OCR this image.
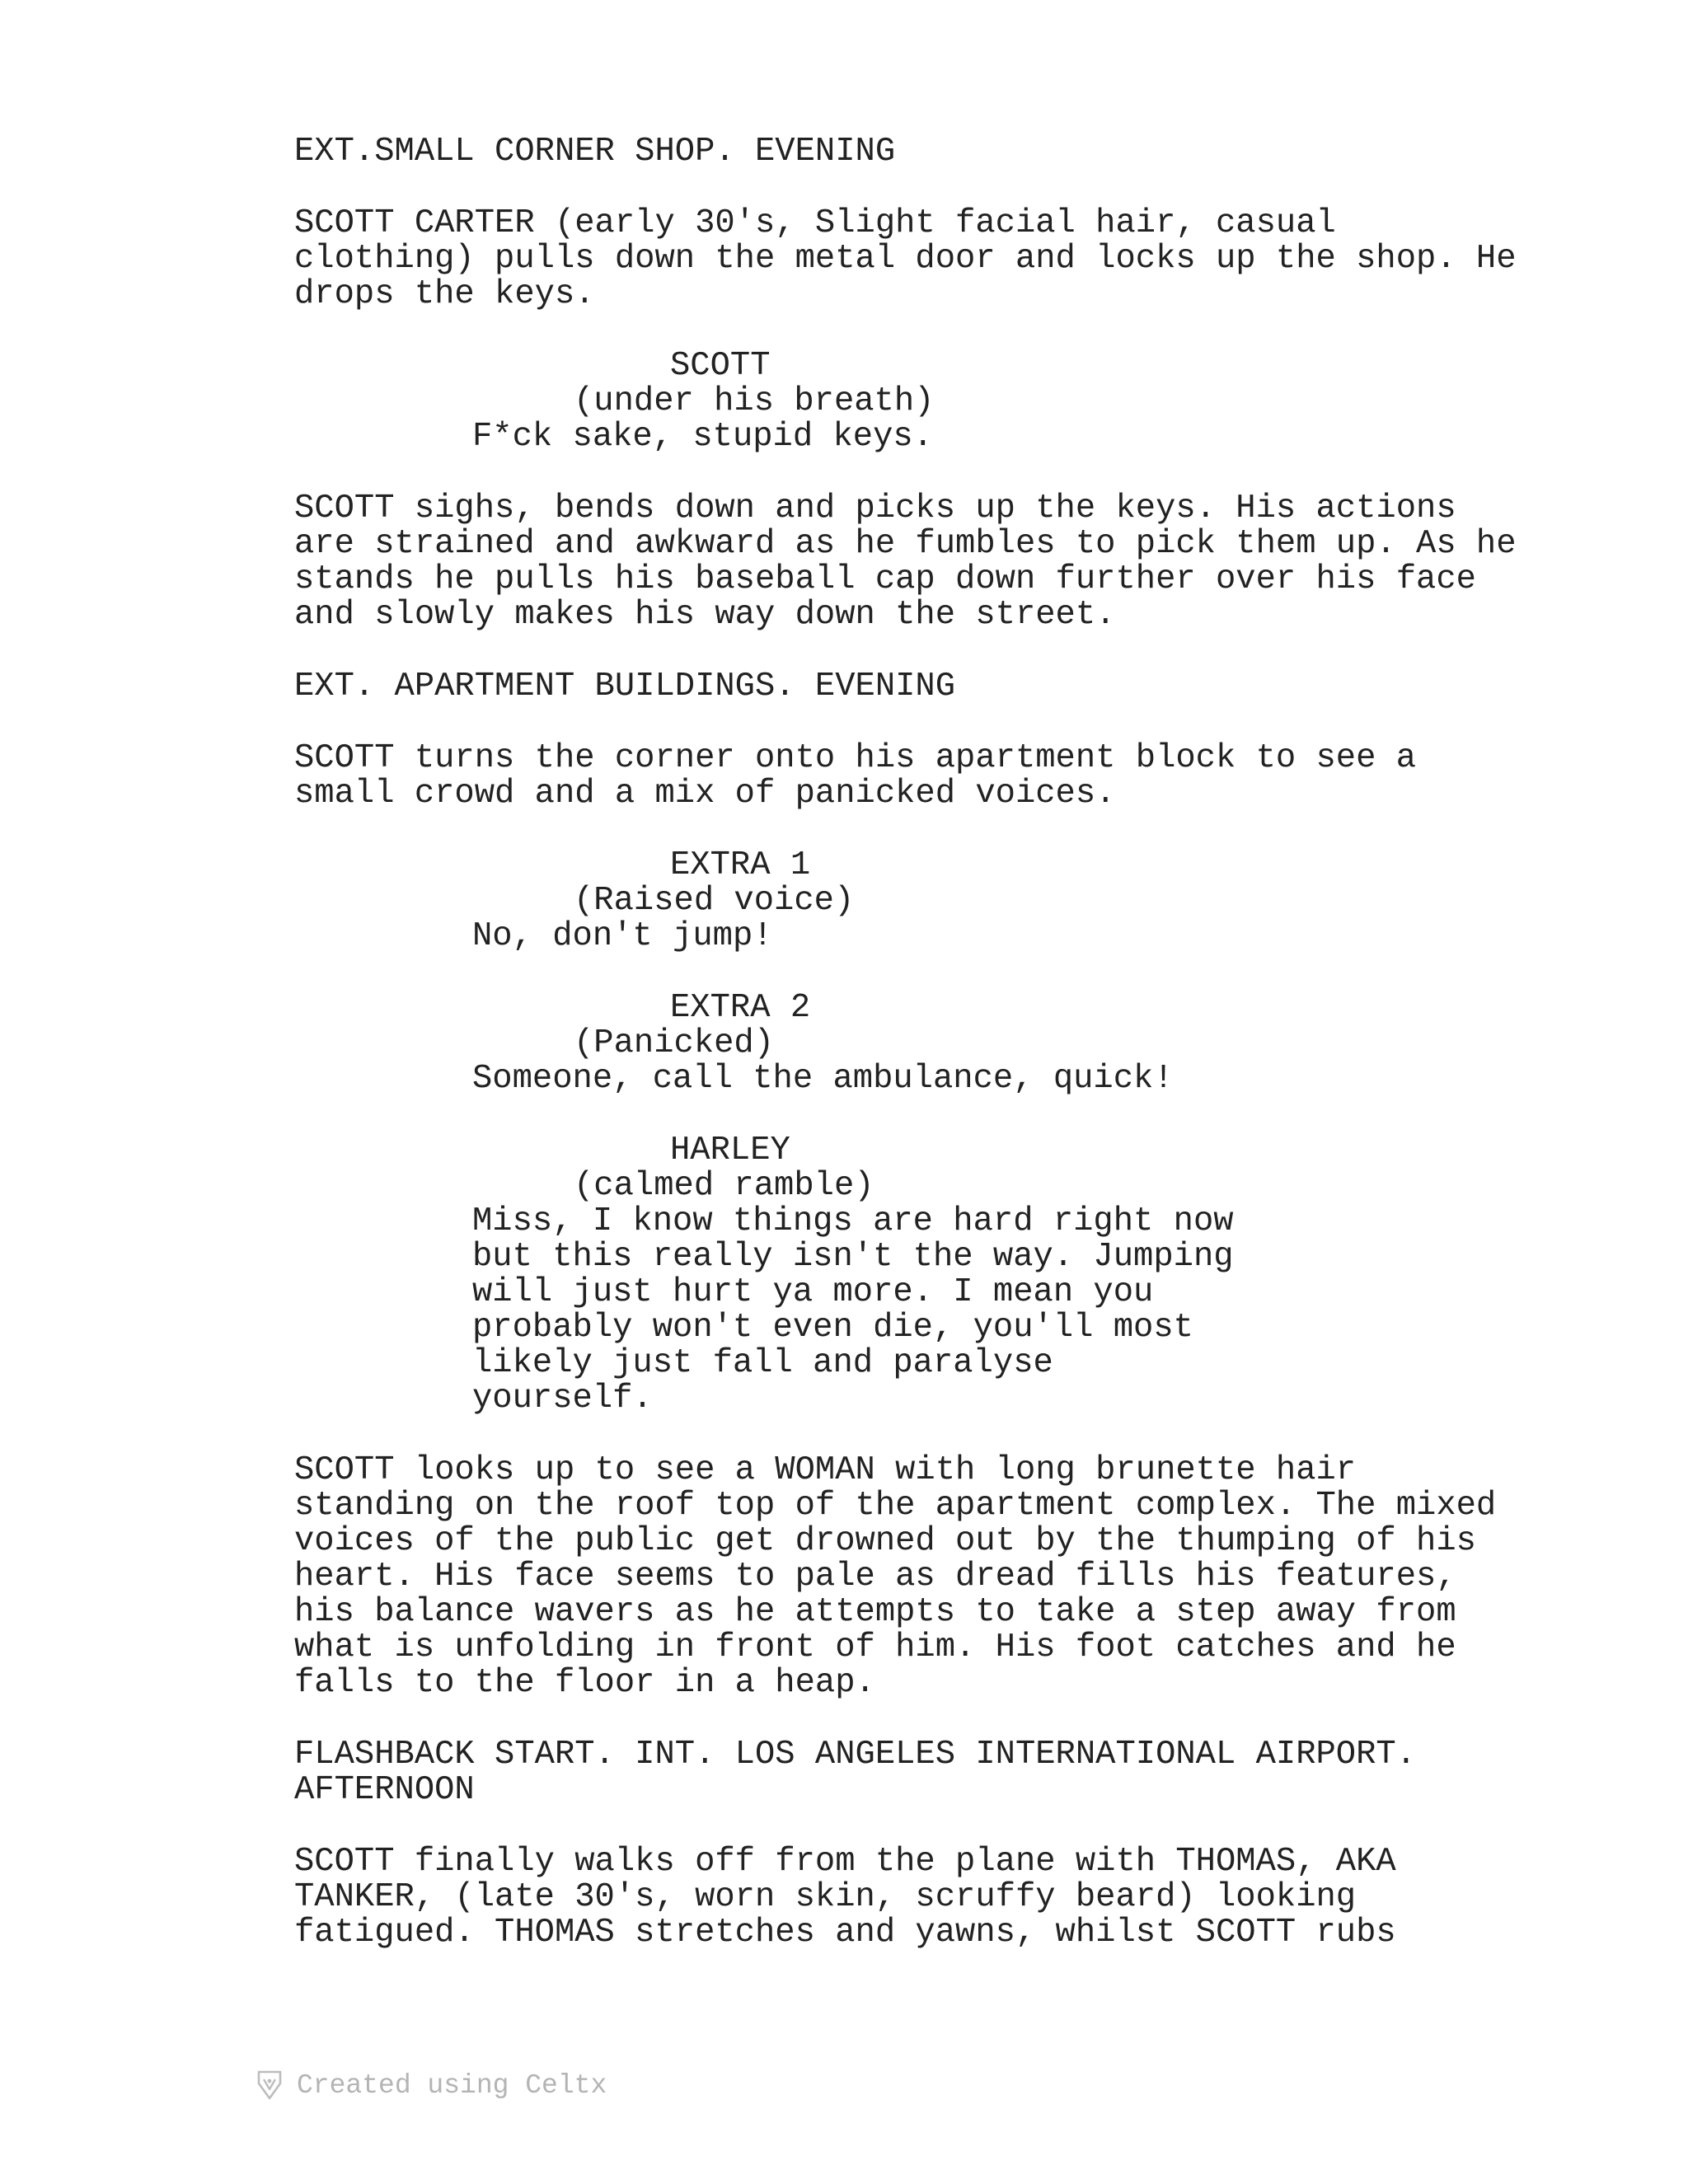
EXT.SMALL CORNER SHOP. EVENING
SCOTT CARTER (early 30's, Slight facial hair, casual
clothing) pulls down the metal door and locks up the shop. He
drops the keys.
SCOTT
(under his breath)
F*ck sake, stupid keys.
SCOTT sighs, bends down and picks up the keys. His actions
are strained and awkward as he fumbles to pick them up. As he
stands he pulls his baseball cap down further over his face
and slowly makes his way down the street.
EXT. APARTMENT BUILDINGS. EVENING
SCOTT turns the corner onto his apartment block to see a
small crowd and a mix of panicked voices.
EXTRA 1
(Raised voice)
No, don't jump!
EXTRA 2
(Panicked)
Someone, call the ambulance, quick!
HARLEY
(calmed ramble)
Miss, I know things are hard right now
but this really isn't the way. Jumping
will just hurt ya more. I mean you
probably won't even die, you'll most
likely just fall and paralyse
yourself.
SCOTT looks up to see a WOMAN with long brunette hair
standing on the roof top of the apartment complex. The mixed
voices of the public get drowned out by the thumping of his
heart. His face seems to pale as dread fills his features,
his balance wavers as he attempts to take a step away from
what is unfolding in front of him. His foot catches and he
falls to the floor in a heap.
FLASHBACK START. INT. LOS ANGELES INTERNATIONAL AIRPORT.
AFTERNOON
SCOTT finally walks off from the plane with THOMAS, AKA
TANKER, (late 30's, worn skin, scruffy beard) looking
fatigued. THOMAS stretches and yawns, whilst SCOTT rubs
Created using Celtx
